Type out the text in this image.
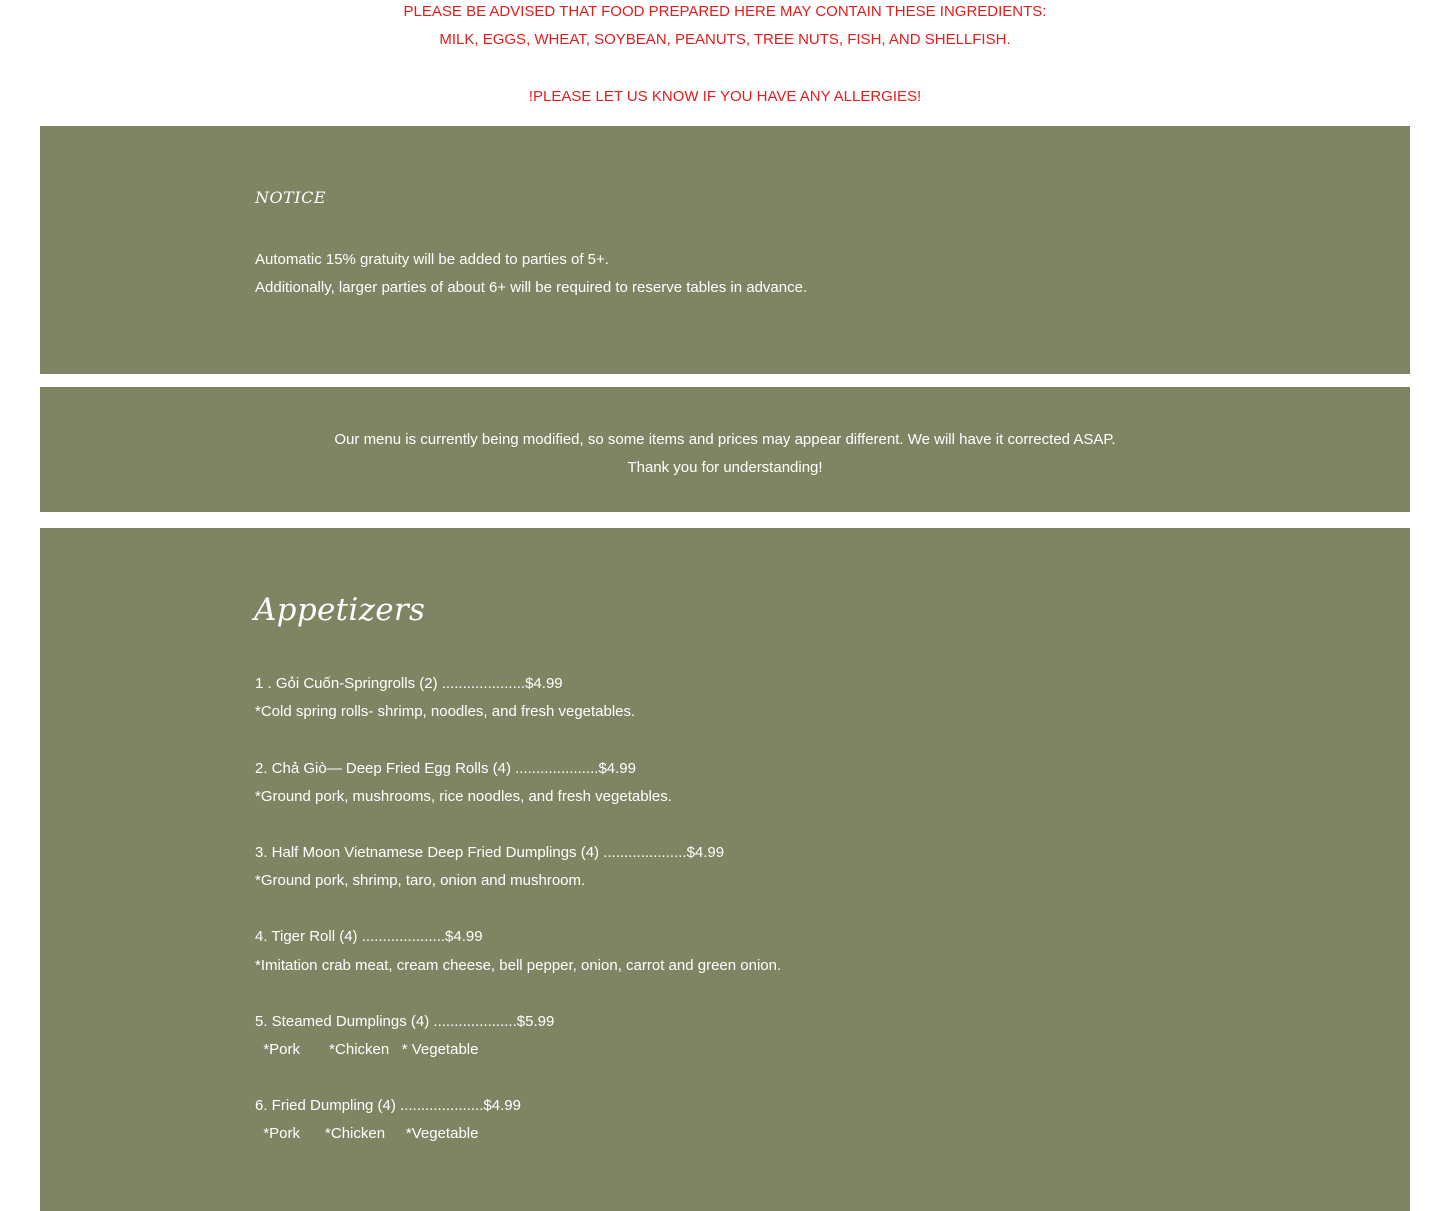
PLEASE BE ADVISED THAT FOOD PREPARED HERE MAY CONTAIN THESE INGREDIENTS:

MILK, EGGS, WHEAT, SOYBEAN, PEANUTS, TREE NUTS, FISH, AND SHELLFISH.

!PLEASE LET US KNOW IF YOU HAVE ANY ALLERGIES!

NOTICE

Automatic 15% gratuity will be added to parties of 5+.

Additionally, larger parties of about 6+ will be required to reserve tables in advance.

Our menu is currently being modified, so some items and prices may appear different. We will have it corrected ASAP.

Thank you for understanding!

Appetizers

1 . Gỏi Cuốn-Springrolls (2) ....................$4.99

*Cold spring rolls- shrimp, noodles, and fresh vegetables.

2. Chả Giò— Deep Fried Egg Rolls (4) ....................$4.99

*Ground pork, mushrooms, rice noodles, and fresh vegetables.

3. Half Moon Vietnamese Deep Fried Dumplings (4) ....................$4.99

*Ground pork, shrimp, taro, onion and mushroom.

4. Tiger Roll (4) ....................$4.99

*Imitation crab meat, cream cheese, bell pepper, onion, carrot and green onion.

5. Steamed Dumplings (4) ....................$5.99

*Pork       *Chicken   * Vegetable

6. Fried Dumpling (4) ....................$4.99

*Pork      *Chicken     *Vegetable
